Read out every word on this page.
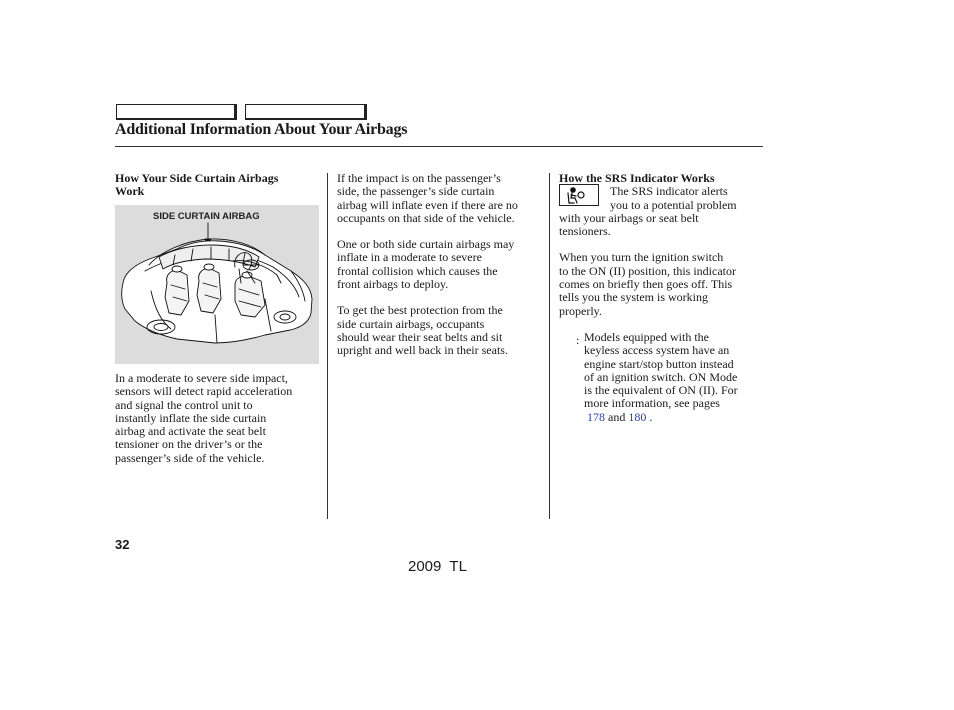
Additional Information About Your Airbags

How Your Side Curtain Airbags
Work

SIDE CURTAIN AIRBAG

In a moderate to severe side impact,
sensors will detect rapid acceleration
and signal the control unit to
instantly inflate the side curtain
airbag and activate the seat belt
tensioner on the driver’s or the
passenger’s side of the vehicle.

If the impact is on the passenger’s
side, the passenger’s side curtain
airbag will inflate even if there are no
occupants on that side of the vehicle.

One or both side curtain airbags may
inflate in a moderate to severe
frontal collision which causes the
front airbags to deploy.

To get the best protection from the
side curtain airbags, occupants
should wear their seat belts and sit
upright and well back in their seats.

How the SRS Indicator Works

The SRS indicator alerts
you to a potential problem

with your airbags or seat belt
tensioners.

When you turn the ignition switch
to the ON (II) position, this indicator
comes on briefly then goes off. This
tells you the system is working
properly.

Models equipped with the
keyless access system have an
engine start/stop button instead
of an ignition switch. ON Mode
is the equivalent of ON (II). For
more information, see pages
178 and 180 .

:
32
2009  TL
